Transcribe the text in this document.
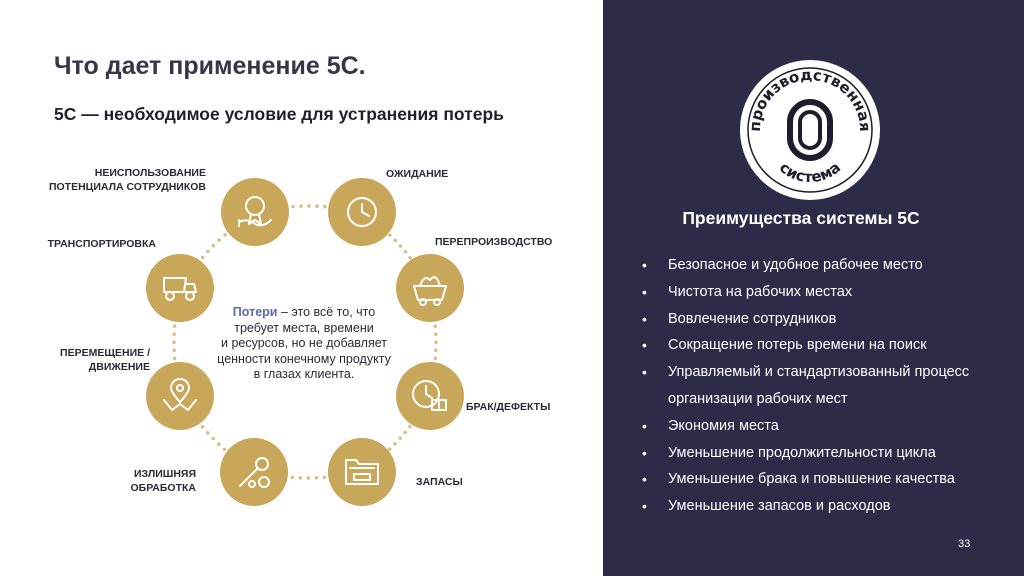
Что дает применение 5С.
5С — необходимое условие для устранения потерь
НЕИСПОЛЬЗОВАНИЕ
ПОТЕНЦИАЛА СОТРУДНИКОВ
ОЖИДАНИЕ
ПЕРЕПРОИЗВОДСТВО
БРАК/ДЕФЕКТЫ
ЗАПАСЫ
ИЗЛИШНЯЯ
ОБРАБОТКА
ПЕРЕМЕЩЕНИЕ /
ДВИЖЕНИЕ
ТРАНСПОРТИРОВКА
Потери – это всё то, что
требует места, времени
и ресурсов, но не добавляет
ценности конечному продукту
в глазах клиента.
производственная
система
Преимущества системы 5С
• Безопасное и удобное рабочее место
• Чистота на рабочих местах
• Вовлечение сотрудников
• Сокращение потерь времени на поиск
• Управляемый и стандартизованный процесс
организации рабочих мест
• Экономия места
• Уменьшение продолжительности цикла
• Уменьшение брака и повышение качества
• Уменьшение запасов и расходов
33
